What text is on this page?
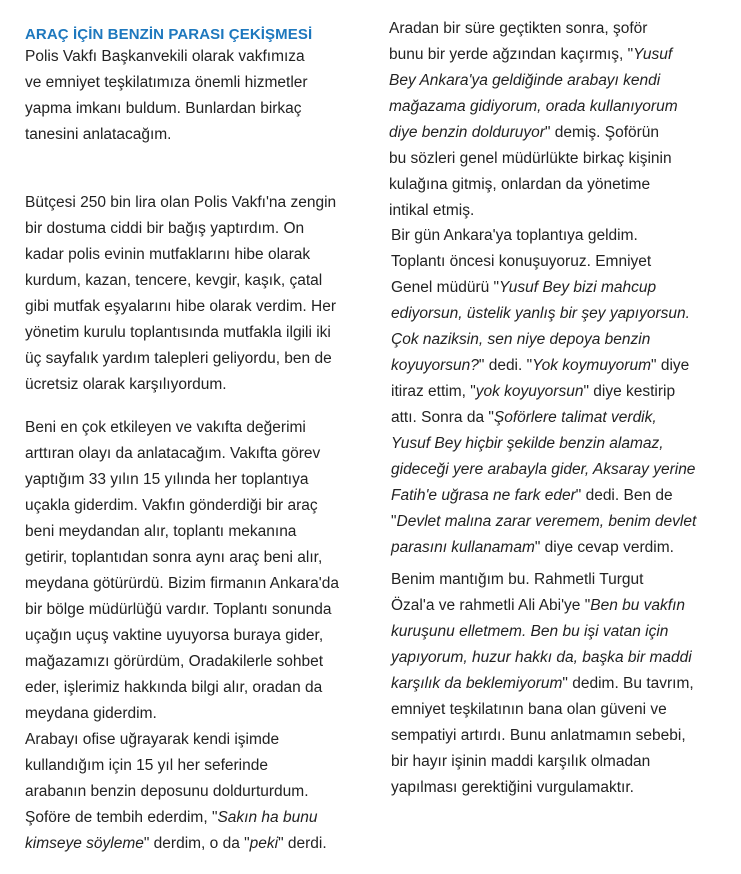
ARAÇ İÇİN BENZİN PARASI ÇEKİŞMESİ
Polis Vakfı Başkanvekili olarak vakfımıza
ve emniyet teşkilatımıza önemli hizmetler
yapma imkanı buldum. Bunlardan birkaç
tanesini anlatacağım.
Bütçesi 250 bin lira olan Polis Vakfı'na zengin
bir dostuma ciddi bir bağış yaptırdım. On
kadar polis evinin mutfaklarını hibe olarak
kurdum, kazan, tencere, kevgir, kaşık, çatal
gibi mutfak eşyalarını hibe olarak verdim. Her
yönetim kurulu toplantısında mutfakla ilgili iki
üç sayfalık yardım talepleri geliyordu, ben de
ücretsiz olarak karşılıyordum.
Beni en çok etkileyen ve vakıfta değerimi
arttıran olayı da anlatacağım. Vakıfta görev
yaptığım 33 yılın 15 yılında her toplantıya
uçakla giderdim. Vakfın gönderdiği bir araç
beni meydandan alır, toplantı mekanına
getirir, toplantıdan sonra aynı araç beni alır,
meydana götürürdü. Bizim firmanın Ankara'da
bir bölge müdürlüğü vardır. Toplantı sonunda
uçağın uçuş vaktine uyuyorsa buraya gider,
mağazamızı görürdüm, Oradakilerle sohbet
eder, işlerimiz hakkında bilgi alır, oradan da
meydana giderdim.
Arabayı ofise uğrayarak kendi işimde
kullandığım için 15 yıl her seferinde
arabanın benzin deposunu doldurturdum.
Şoföre de tembih ederdim, "Sakın ha bunu
kimseye söyleme" derdim, o da "peki" derdi.
Aradan bir süre geçtikten sonra, şoför
bunu bir yerde ağzından kaçırmış, "Yusuf
Bey Ankara'ya geldiğinde arabayı kendi
mağazama gidiyorum, orada kullanıyorum
diye benzin dolduruyor" demiş. Şoförün
bu sözleri genel müdürlükte birkaç kişinin
kulağına gitmiş, onlardan da yönetime
intikal etmiş.
Bir gün Ankara'ya toplantıya geldim.
Toplantı öncesi konuşuyoruz. Emniyet
Genel müdürü "Yusuf Bey bizi mahcup
ediyorsun, üstelik yanlış bir şey yapıyorsun.
Çok naziksin, sen niye depoya benzin
koyuyorsun?" dedi. "Yok koymuyorum" diye
itiraz ettim, "yok koyuyorsun" diye kestirip
attı. Sonra da "Şoförlere talimat verdik,
Yusuf Bey hiçbir şekilde benzin alamaz,
gideceği yere arabayla gider, Aksaray yerine
Fatih'e uğrasa ne fark eder" dedi. Ben de
"Devlet malına zarar veremem, benim devlet
parasını kullanamam" diye cevap verdim.
Benim mantığım bu. Rahmetli Turgut
Özal'a ve rahmetli Ali Abi'ye "Ben bu vakfın
kuruşunu elletmem. Ben bu işi vatan için
yapıyorum, huzur hakkı da, başka bir maddi
karşılık da beklemiyorum" dedim. Bu tavrım,
emniyet teşkilatının bana olan güveni ve
sempatiyi artırdı. Bunu anlatmamın sebebi,
bir hayır işinin maddi karşılık olmadan
yapılması gerektiğini vurgulamaktır.
